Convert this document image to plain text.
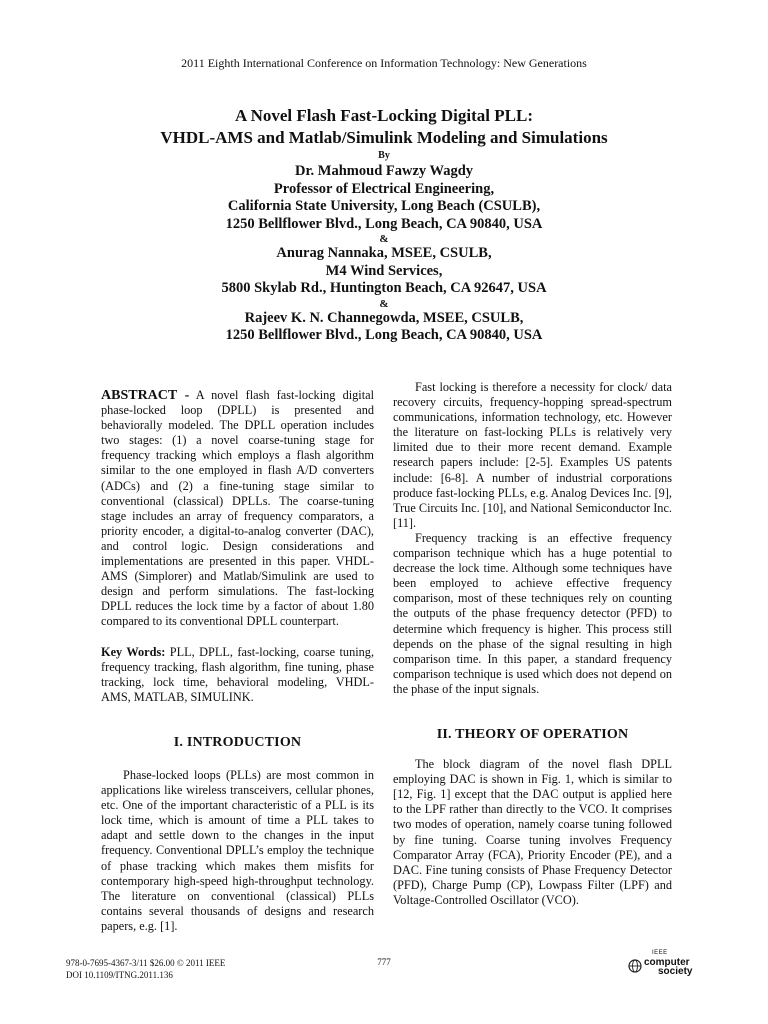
2011 Eighth International Conference on Information Technology: New Generations
A Novel Flash Fast-Locking Digital PLL:
VHDL-AMS and Matlab/Simulink Modeling and Simulations
By
Dr. Mahmoud Fawzy Wagdy
Professor of Electrical Engineering,
California State University, Long Beach (CSULB),
1250 Bellflower Blvd., Long Beach, CA 90840, USA
&
Anurag Nannaka, MSEE, CSULB,
M4 Wind Services,
5800 Skylab Rd., Huntington Beach, CA 92647, USA
&
Rajeev K. N. Channegowda, MSEE, CSULB,
1250 Bellflower Blvd., Long Beach, CA 90840, USA

ABSTRACT - A novel flash fast-locking digital phase-locked loop (DPLL) is presented and behaviorally modeled. The DPLL operation includes two stages: (1) a novel coarse-tuning stage for frequency tracking which employs a flash algorithm similar to the one employed in flash A/D converters (ADCs) and (2) a fine-tuning stage similar to conventional (classical) DPLLs. The coarse-tuning stage includes an array of frequency comparators, a priority encoder, a digital-to-analog converter (DAC), and control logic. Design considerations and implementations are presented in this paper. VHDL-AMS (Simplorer) and Matlab/Simulink are used to design and perform simulations. The fast-locking DPLL reduces the lock time by a factor of about 1.80 compared to its conventional DPLL counterpart.

Key Words: PLL, DPLL, fast-locking, coarse tuning, frequency tracking, flash algorithm, fine tuning, phase tracking, lock time, behavioral modeling, VHDL-AMS, MATLAB, SIMULINK.

I. INTRODUCTION

Phase-locked loops (PLLs) are most common in applications like wireless transceivers, cellular phones, etc. One of the important characteristic of a PLL is its lock time, which is amount of time a PLL takes to adapt and settle down to the changes in the input frequency. Conventional DPLL’s employ the technique of phase tracking which makes them misfits for contemporary high-speed high-throughput technology. The literature on conventional (classical) PLLs contains several thousands of designs and research papers, e.g. [1].

Fast locking is therefore a necessity for clock/ data recovery circuits, frequency-hopping spread-spectrum communications, information technology, etc. However the literature on fast-locking PLLs is relatively very limited due to their more recent demand. Example research papers include: [2-5]. Examples US patents include: [6-8]. A number of industrial corporations produce fast-locking PLLs, e.g. Analog Devices Inc. [9], True Circuits Inc. [10], and National Semiconductor Inc. [11].

Frequency tracking is an effective frequency comparison technique which has a huge potential to decrease the lock time. Although some techniques have been employed to achieve effective frequency comparison, most of these techniques rely on counting the outputs of the phase frequency detector (PFD) to determine which frequency is higher. This process still depends on the phase of the signal resulting in high comparison time. In this paper, a standard frequency comparison technique is used which does not depend on the phase of the input signals.

II. THEORY OF OPERATION

The block diagram of the novel flash DPLL employing DAC is shown in Fig. 1, which is similar to [12, Fig. 1] except that the DAC output is applied here to the LPF rather than directly to the VCO. It comprises two modes of operation, namely coarse tuning followed by fine tuning. Coarse tuning involves Frequency Comparator Array (FCA), Priority Encoder (PE), and a DAC. Fine tuning consists of Phase Frequency Detector (PFD), Charge Pump (CP), Lowpass Filter (LPF) and Voltage-Controlled Oscillator (VCO).

978-0-7695-4367-3/11 $26.00 © 2011 IEEE
DOI 10.1109/ITNG.2011.136
777
IEEE
computer
society
